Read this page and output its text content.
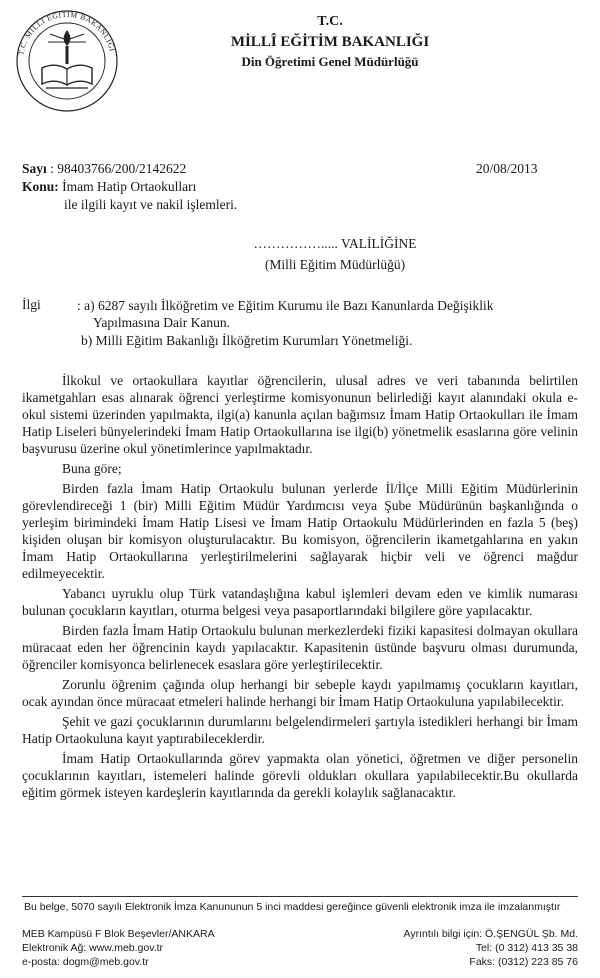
T.C. MİLLÎ EĞİTİM BAKANLIĞI
T.C.
MİLLÎ EĞİTİM BAKANLIĞI
Din Öğretimi Genel Müdürlüğü
Sayı : 98403766/200/2142622	20/08/2013
Konu: İmam Hatip Ortaokulları
ile ilgili kayıt ve nakil işlemleri.
……………..... VALİLİĞİNE
(Milli Eğitim Müdürlüğü)
İlgi	: a) 6287 sayılı İlköğretim ve Eğitim Kurumu ile Bazı Kanunlarda Değişiklik
Yapılmasına Dair Kanun.
b) Milli Eğitim Bakanlığı İlköğretim Kurumları Yönetmeliği.

İlkokul ve ortaokullara kayıtlar öğrencilerin, ulusal adres ve veri tabanında belirtilen ikametgahları esas alınarak öğrenci yerleştirme komisyonunun belirlediği kayıt alanındaki okula e-okul sistemi üzerinden yapılmakta, ilgi(a) kanunla açılan bağımsız İmam Hatip Ortaokulları ile İmam Hatip Liseleri bünyelerindeki İmam Hatip Ortaokullarına ise ilgi(b) yönetmelik esaslarına göre velinin başvurusu üzerine okul yönetimlerince yapılmaktadır.

Buna göre;

Birden fazla İmam Hatip Ortaokulu bulunan yerlerde İl/İlçe Milli Eğitim Müdürlerinin görevlendireceği 1 (bir) Milli Eğitim Müdür Yardımcısı veya Şube Müdürünün başkanlığında o yerleşim birimindeki İmam Hatip Lisesi ve İmam Hatip Ortaokulu Müdürlerinden en fazla 5 (beş) kişiden oluşan bir komisyon oluşturulacaktır. Bu komisyon, öğrencilerin ikametgahlarına en yakın İmam Hatip Ortaokullarına yerleştirilmelerini sağlayarak hiçbir veli ve öğrenci mağdur edilmeyecektir.

Yabancı uyruklu olup Türk vatandaşlığına kabul işlemleri devam eden ve kimlik numarası bulunan çocukların kayıtları, oturma belgesi veya pasaportlarındaki bilgilere göre yapılacaktır.

Birden fazla İmam Hatip Ortaokulu bulunan merkezlerdeki fiziki kapasitesi dolmayan okullara müracaat eden her öğrencinin kaydı yapılacaktır. Kapasitenin üstünde başvuru olması durumunda, öğrenciler komisyonca belirlenecek esaslara göre yerleştirilecektir.

Zorunlu öğrenim çağında olup herhangi bir sebeple kaydı yapılmamış çocukların kayıtları, ocak ayından önce müracaat etmeleri halinde herhangi bir İmam Hatip Ortaokuluna yapılabilecektir.

Şehit ve gazi çocuklarının durumlarını belgelendirmeleri şartıyla istedikleri herhangi bir İmam Hatip Ortaokuluna kayıt yaptırabileceklerdir.

İmam Hatip Ortaokullarında görev yapmakta olan yönetici, öğretmen ve diğer personelin çocuklarının kayıtları, istemeleri halinde görevli oldukları okullara yapılabilecektir.Bu okullarda eğitim görmek isteyen kardeşlerin kayıtlarında da gerekli kolaylık sağlanacaktır.

Bu belge, 5070 sayılı Elektronik İmza Kanununun 5 inci maddesi gereğince güvenli elektronik imza ile imzalanmıştır
MEB Kampüsü F Blok Beşevler/ANKARA
Elektronik Ağ: www.meb.gov.tr
e-posta: dogm@meb.gov.tr
Ayrıntılı bilgi için: Ö.ŞENGÜL Şb. Md.
Tel: (0 312) 413 35 38
Faks: (0312) 223 85 76
